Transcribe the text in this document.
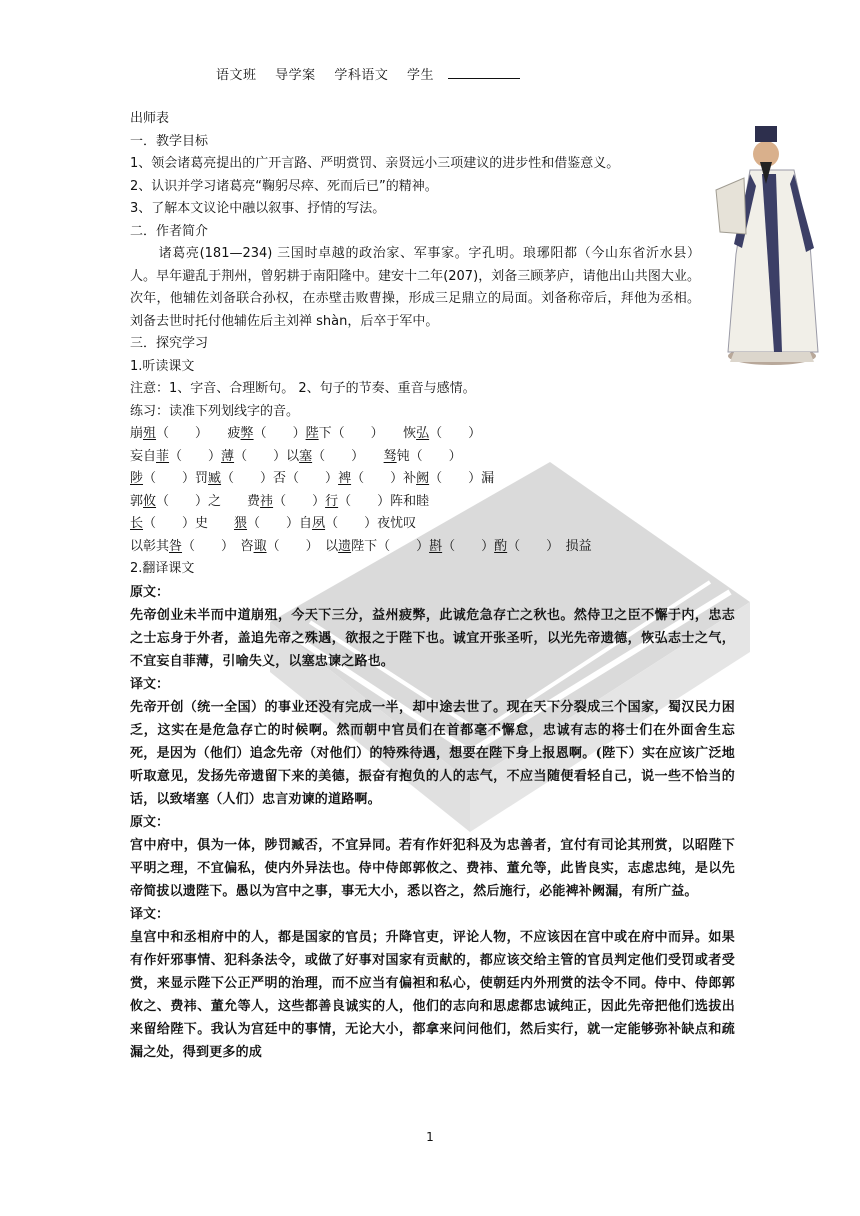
语文班 导学案 学科语文 学生

出师表

一．教学目标

1、领会诸葛亮提出的广开言路、严明赏罚、亲贤远小三项建议的进步性和借鉴意义。

2、认识并学习诸葛亮“鞠躬尽瘁、死而后已”的精神。

3、了解本文议论中融以叙事、抒情的写法。

二．作者简介

诸葛亮(181—234) 三国时卓越的政治家、军事家。字孔明。琅琊阳都（今山东省沂水县）人。早年避乱于荆州，曾躬耕于南阳隆中。建安十二年(207)，刘备三顾茅庐，请他出山共图大业。次年，他辅佐刘备联合孙权，在赤壁击败曹操，形成三足鼎立的局面。刘备称帝后，拜他为丞相。刘备去世时托付他辅佐后主刘禅 shàn，后卒于军中。

三．探究学习

1.听读课文

注意：1、字音、合理断句。 2、句子的节奏、重音与感情。

练习：读准下列划线字的音。

崩殂（　　）　　疲弊（　　）陛下（　　）　　恢弘（　　）

妄自菲（　　）薄（　　）以塞（　　）　　驽钝（　　）

陟（　　）罚臧（　　）否（　　）裨（　　）补阙（　　）漏

郭攸（　　）之　　费祎（　　）行（　　）阵和睦

长（　　）史　　猥（　　）自夙（　　）夜忧叹

以彰其咎（　　）　咨诹（　　）　以遗陛下（　　）斟（　　）酌（　　）　损益

2.翻译课文

原文：

先帝创业未半而中道崩殂，今天下三分，益州疲弊，此诚危急存亡之秋也。然侍卫之臣不懈于内，忠志之士忘身于外者，盖追先帝之殊遇，欲报之于陛下也。诚宜开张圣听，以光先帝遗德，恢弘志士之气，不宜妄自菲薄，引喻失义，以塞忠谏之路也。

译文：

先帝开创（统一全国）的事业还没有完成一半，却中途去世了。现在天下分裂成三个国家，蜀汉民力困乏，这实在是危急存亡的时候啊。然而朝中官员们在首都毫不懈怠，忠诚有志的将士们在外面舍生忘死，是因为（他们）追念先帝（对他们）的特殊待遇，想要在陛下身上报恩啊。(陛下）实在应该广泛地听取意见，发扬先帝遗留下来的美德，振奋有抱负的人的志气，不应当随便看轻自己，说一些不恰当的话，以致堵塞（人们）忠言劝谏的道路啊。

原文：

宫中府中，俱为一体，陟罚臧否，不宜异同。若有作奸犯科及为忠善者，宜付有司论其刑赏，以昭陛下平明之理，不宜偏私，使内外异法也。侍中侍郎郭攸之、费祎、董允等，此皆良实，志虑忠纯，是以先帝简拔以遗陛下。愚以为宫中之事，事无大小，悉以咨之，然后施行，必能裨补阙漏，有所广益。

译文：

皇宫中和丞相府中的人，都是国家的官员；升降官吏，评论人物，不应该因在宫中或在府中而异。如果有作奸邪事情、犯科条法令，或做了好事对国家有贡献的，都应该交给主管的官员判定他们受罚或者受赏，来显示陛下公正严明的治理，而不应当有偏袒和私心，使朝廷内外刑赏的法令不同。侍中、侍郎郭攸之、费祎、董允等人，这些都善良诚实的人，他们的志向和思虑都忠诚纯正，因此先帝把他们选拔出来留给陛下。我认为宫廷中的事情，无论大小，都拿来问问他们，然后实行，就一定能够弥补缺点和疏漏之处，得到更多的成

1
